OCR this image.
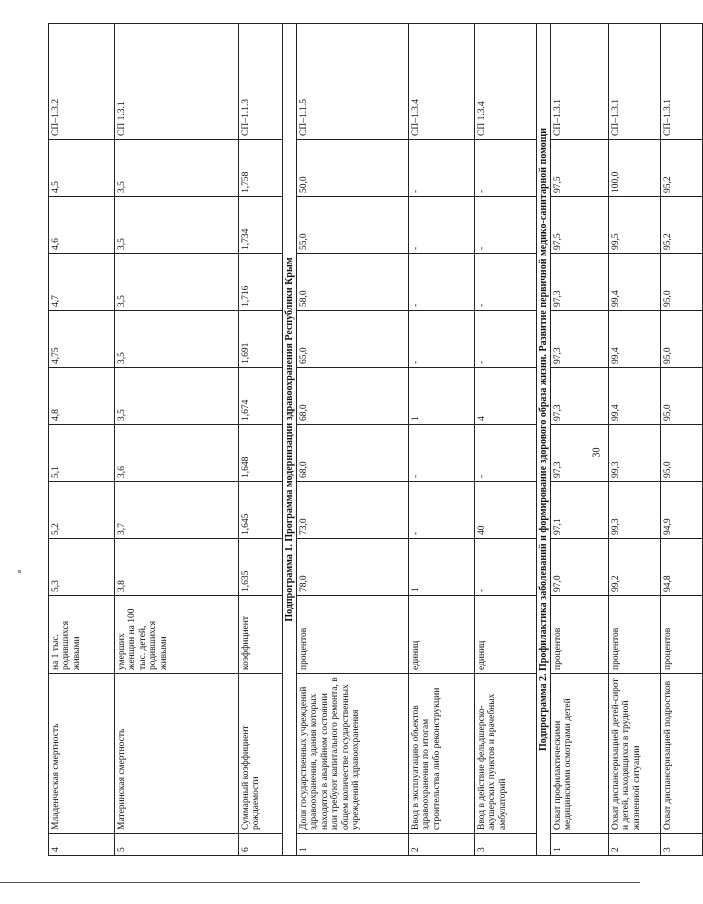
4	Младенческая смертность	на 1 тыс. родившихся живыми	5,3	5,2	5,1	4,8	4,75	4,7	4,6	4,5	СП–1.3.2
5	Материнская смертность	умерших женщин на 100 тыс. детей, родившихся живыми	3,8	3,7	3,6	3,5	3,5	3,5	3,5	3,5	СП 1.3.1
6	Суммарный коэффициент рождаемости	коэффициент	1,635	1,645	1,648	1,674	1,691	1,716	1,734	1,758	СП–1.1.3
Подпрограмма 1. Программа модернизации здравоохранения Республики Крым											
1	Доля государственных учреждений здравоохранения, здания которых находятся в аварийном состоянии или требуют капитального ремонта, в общем количестве государственных учреждений здравоохранения	процентов	78,0	73,0	68,0	68,0	65,0	58,0	55,0	50,0	СП–1.1.5
2	Ввод в эксплуатацию объектов здравоохранения по итогам строительства либо реконструкции	единиц	1	-	-	1	-	-	-	-	СП–1.3.4
3	Ввод в действие фельдшерско-акушерских пунктов и врачебных амбулаторий	единиц	-	40	-	4	-	-	-	-	СП 1.3.4
Подпрограмма 2. Профилактика заболеваний и формирование здорового образа жизни. Развитие первичной медико-санитарной помощи											
1	Охват профилактическими медицинскими осмотрами детей	процентов	97,0	97,1	97,3	97,3	97,3	97,3	97,5	97,5	СП–1.3.1
2	Охват диспансеризацией детей-сирот и детей, находящихся в трудной жизненной ситуации	процентов	99,2	99,3	99,3	99,4	99,4	99,4	99,5	100,0	СП–1.3.1
3	Охват диспансеризацией подростков	процентов	94,8	94,9	95,0	95,0	95,0	95,0	95,2	95,2	СП–1.3.1
30
